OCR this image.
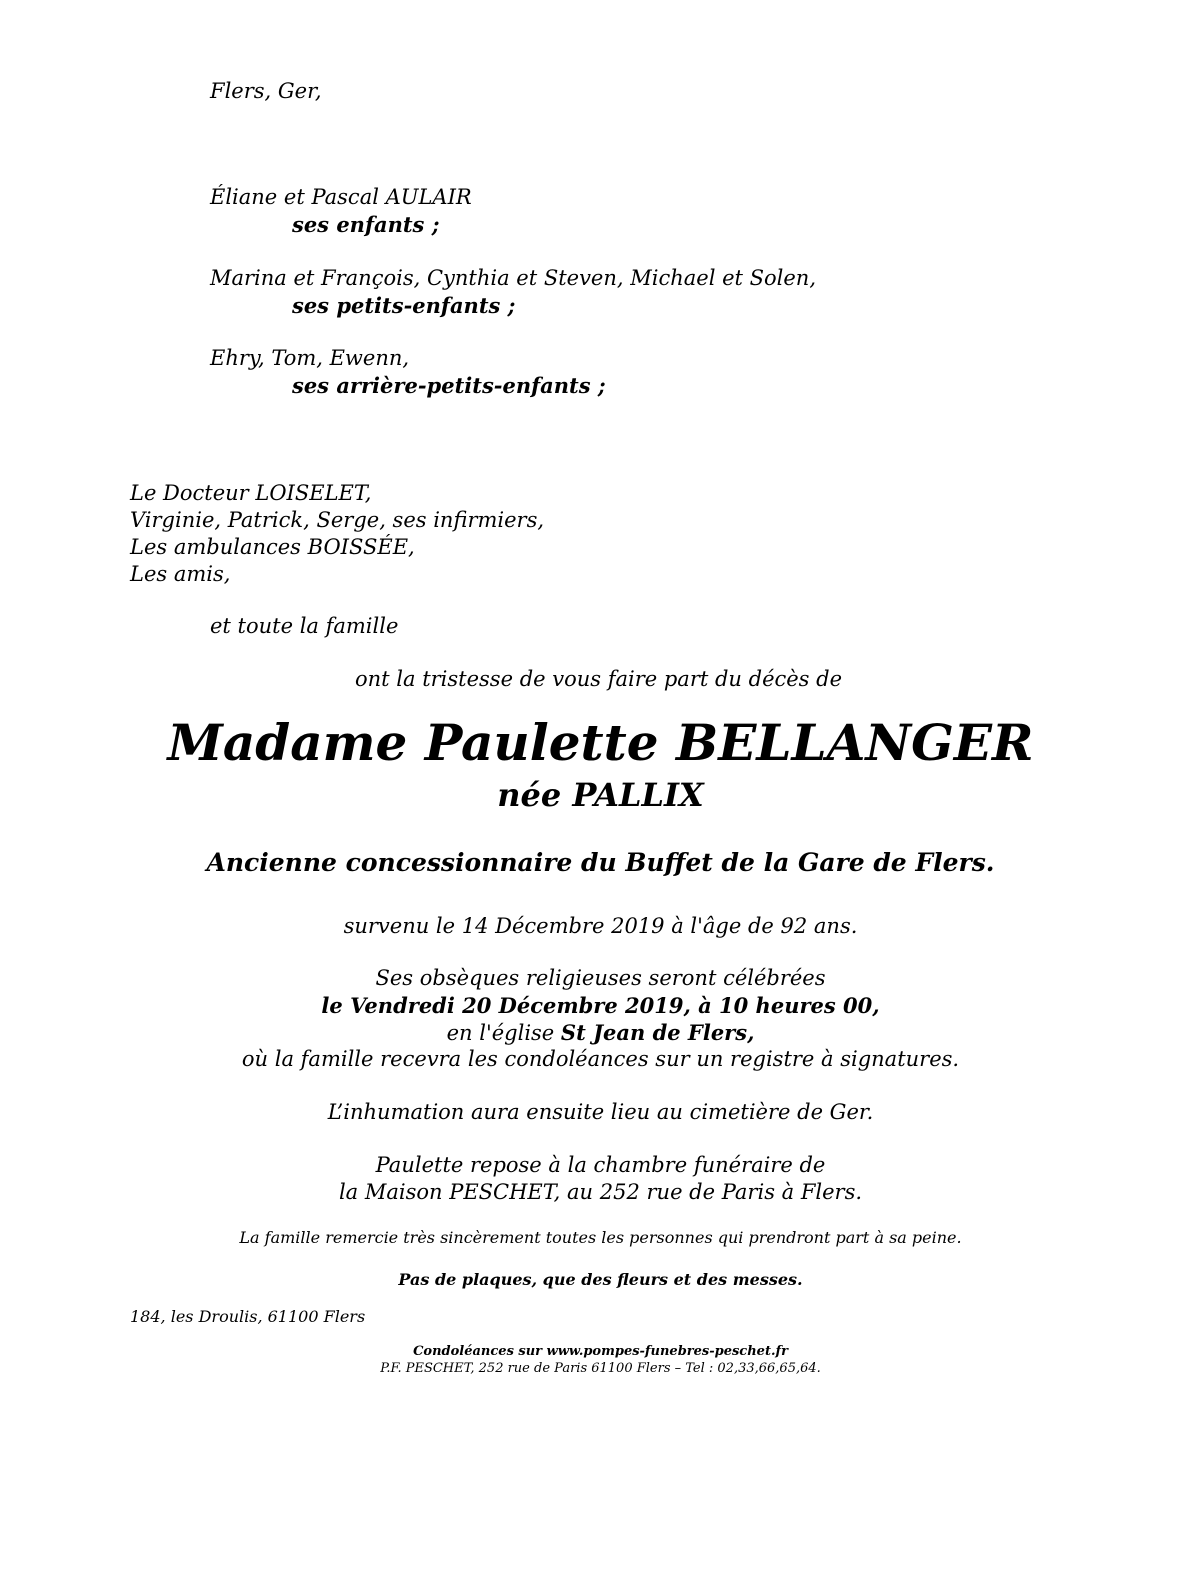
Flers, Ger,
Éliane et Pascal AULAIR
ses enfants ;
Marina et François, Cynthia et Steven, Michael et Solen,
ses petits-enfants ;
Ehry, Tom, Ewenn,
ses arrière-petits-enfants ;
Le Docteur LOISELET,
Virginie, Patrick, Serge, ses infirmiers,
Les ambulances BOISSÉE,
Les amis,
et toute la famille
ont la tristesse de vous faire part du décès de
Madame Paulette BELLANGER
née PALLIX
Ancienne concessionnaire du Buffet de la Gare de Flers.
survenu le 14 Décembre 2019 à l'âge de 92 ans.
Ses obsèques religieuses seront célébrées
le Vendredi 20 Décembre 2019, à 10 heures 00,
en l'église St Jean de Flers,
où la famille recevra les condoléances sur un registre à signatures.
L’inhumation aura ensuite lieu au cimetière de Ger.
Paulette repose à la chambre funéraire de
la Maison PESCHET, au 252 rue de Paris à Flers.
La famille remercie très sincèrement toutes les personnes qui prendront part à sa peine.
Pas de plaques, que des fleurs et des messes.
184, les Droulis, 61100 Flers
Condoléances sur www.pompes-funebres-peschet.fr
P.F. PESCHET, 252 rue de Paris 61100 Flers – Tel : 02,33,66,65,64.
